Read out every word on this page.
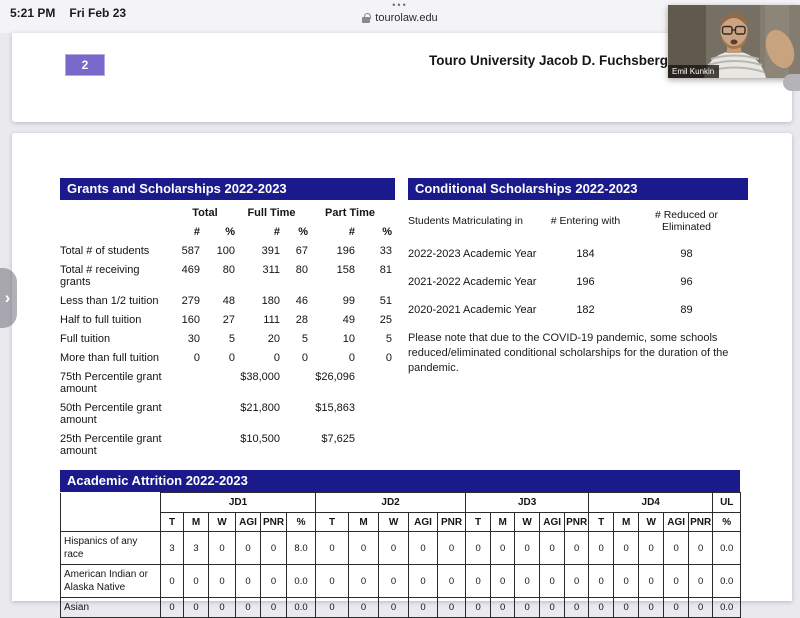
5:21 PM Fri Feb 23
•••
tourolaw.edu
2	Touro University Jacob D. Fuchsberg
Grants and Scholarships 2022-2023
	Total		Full Time		Part Time	
	#	%	#	%	#	%
Total # of students	587	100	391	67	196	33
Total # receiving grants	469	80	311	80	158	81
Less than 1/2 tuition	279	48	180	46	99	51
Half to full tuition	160	27	111	28	49	25
Full tuition	30	5	20	5	10	5
More than full tuition	0	0	0	0	0	0
75th Percentile grant amount			$38,000		$26,096	
50th Percentile grant amount			$21,800		$15,863	
25th Percentile grant amount			$10,500		$7,625	
Conditional Scholarships 2022-2023
Students Matriculating in	# Entering with	# Reduced or Eliminated
2022-2023 Academic Year	184	98
2021-2022 Academic Year	196	96
2020-2021 Academic Year	182	89

Please note that due to the COVID-19 pandemic, some schools reduced/eliminated conditional scholarships for the duration of the pandemic.

Academic Attrition 2022-2023
	JD1						JD2					JD3					JD4					UL
	T	M	W	AGI	PNR	%	T	M	W	AGI	PNR	T	M	W	AGI	PNR	T	M	W	AGI	PNR	%
Hispanics of any race	3	3	0	0	0	8.0	0	0	0	0	0	0	0	0	0	0	0	0	0	0	0	0.0
American Indian or Alaska Native	0	0	0	0	0	0.0	0	0	0	0	0	0	0	0	0	0	0	0	0	0	0	0.0
Asian	0	0	0	0	0	0.0	0	0	0	0	0	0	0	0	0	0	0	0	0	0	0	0.0
›
Emil Kunkin
